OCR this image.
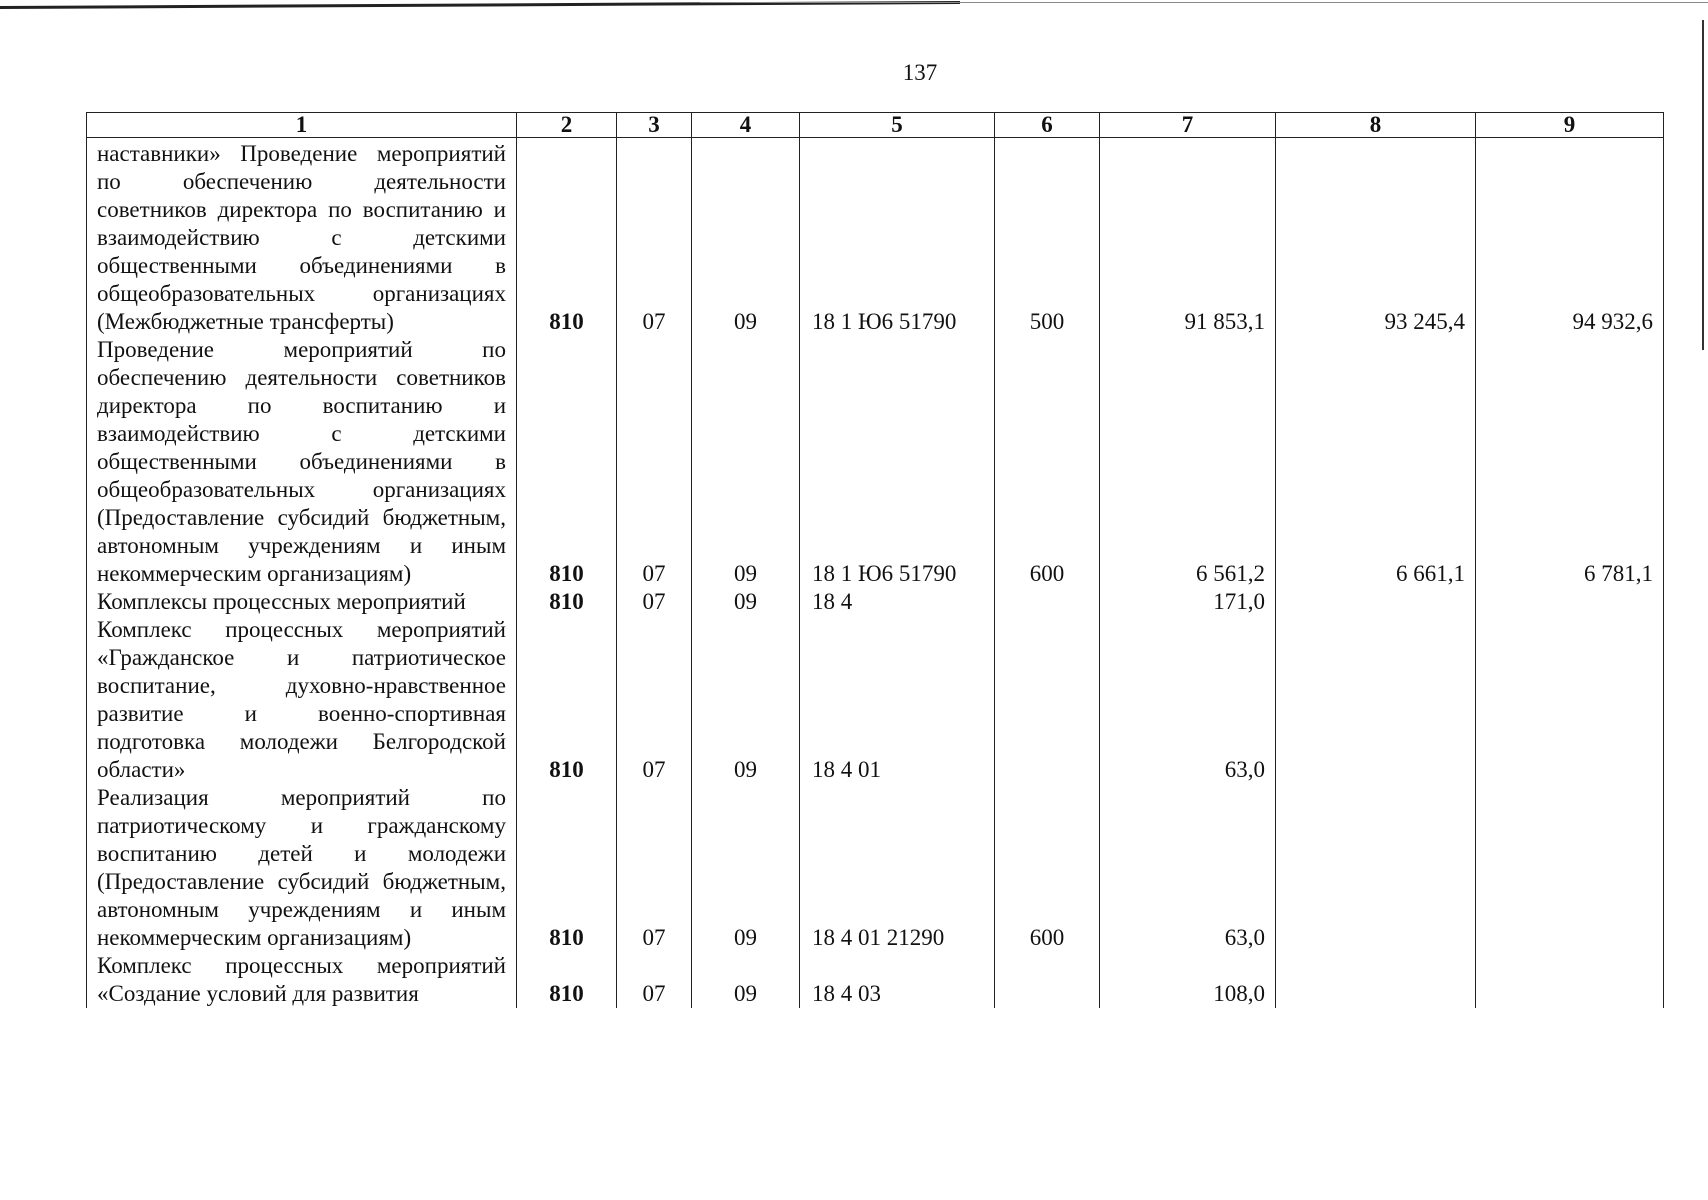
137
1	2	3	4	5	6	7	8	9
наставники» Проведение мероприятий по обеспечению деятельности советников директора по воспитанию и взаимодействию с детскими общественными объединениями в общеобразовательных организациях (Межбюджетные трансферты)	810	07	09	18 1 Ю6 51790	500	91 853,1	93 245,4	94 932,6
Проведение мероприятий по обеспечению деятельности советников директора по воспитанию и взаимодействию с детскими общественными объединениями в общеобразовательных организациях (Предоставление субсидий бюджетным, автономным учреждениям и иным некоммерческим организациям)	810	07	09	18 1 Ю6 51790	600	6 561,2	6 661,1	6 781,1
Комплексы процессных мероприятий	810	07	09	18 4		171,0		
Комплекс процессных мероприятий «Гражданское и патриотическое воспитание, духовно-нравственное развитие и военно-спортивная подготовка молодежи Белгородской области»	810	07	09	18 4 01		63,0		
Реализация мероприятий по патриотическому и гражданскому воспитанию детей и молодежи (Предоставление субсидий бюджетным, автономным учреждениям и иным некоммерческим организациям)	810	07	09	18 4 01 21290	600	63,0		
Комплекс процессных мероприятий «Создание условий для развития	810	07	09	18 4 03		108,0		
